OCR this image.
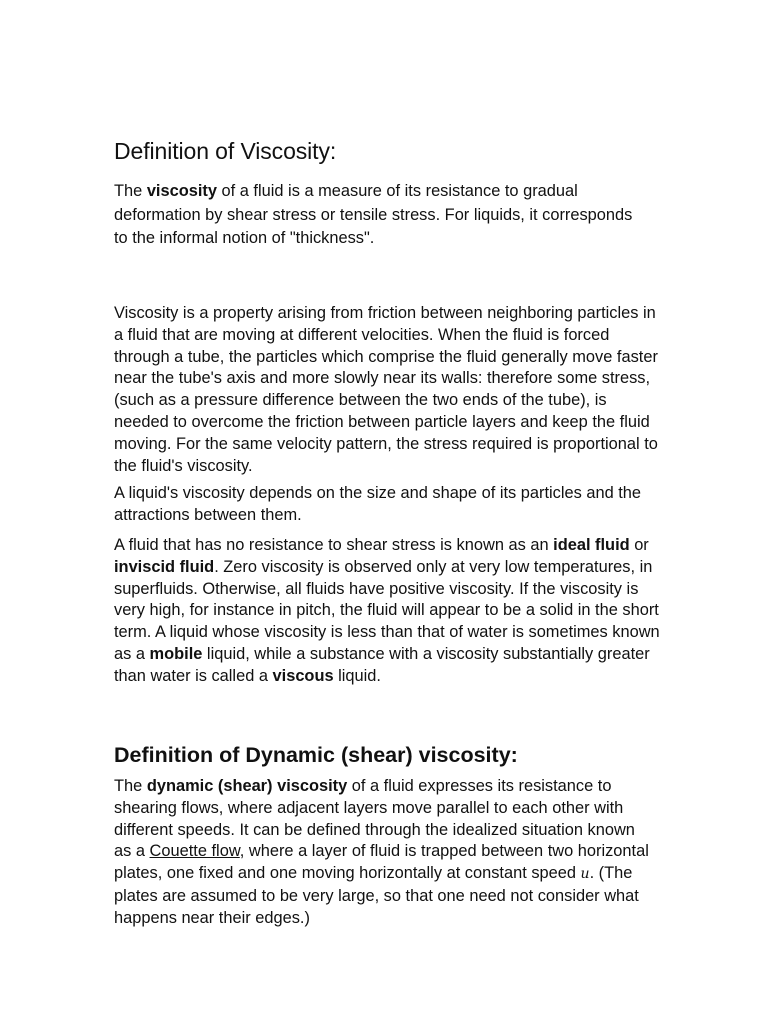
Definition of Viscosity:

The viscosity of a fluid is a measure of its resistance to gradual deformation by shear stress or tensile stress. For liquids, it corresponds to the informal notion of "thickness".

Viscosity is a property arising from friction between neighboring particles in a fluid that are moving at different velocities. When the fluid is forced through a tube, the particles which comprise the fluid generally move faster near the tube's axis and more slowly near its walls: therefore some stress, (such as a pressure difference between the two ends of the tube), is needed to overcome the friction between particle layers and keep the fluid moving. For the same velocity pattern, the stress required is proportional to the fluid's viscosity.

A liquid's viscosity depends on the size and shape of its particles and the attractions between them.

A fluid that has no resistance to shear stress is known as an ideal fluid or inviscid fluid. Zero viscosity is observed only at very low temperatures, in superfluids. Otherwise, all fluids have positive viscosity. If the viscosity is very high, for instance in pitch, the fluid will appear to be a solid in the short term. A liquid whose viscosity is less than that of water is sometimes known as a mobile liquid, while a substance with a viscosity substantially greater than water is called a viscous liquid.

Definition of Dynamic (shear) viscosity:

The dynamic (shear) viscosity of a fluid expresses its resistance to shearing flows, where adjacent layers move parallel to each other with different speeds. It can be defined through the idealized situation known as a Couette flow, where a layer of fluid is trapped between two horizontal plates, one fixed and one moving horizontally at constant speed u. (The plates are assumed to be very large, so that one need not consider what happens near their edges.)
